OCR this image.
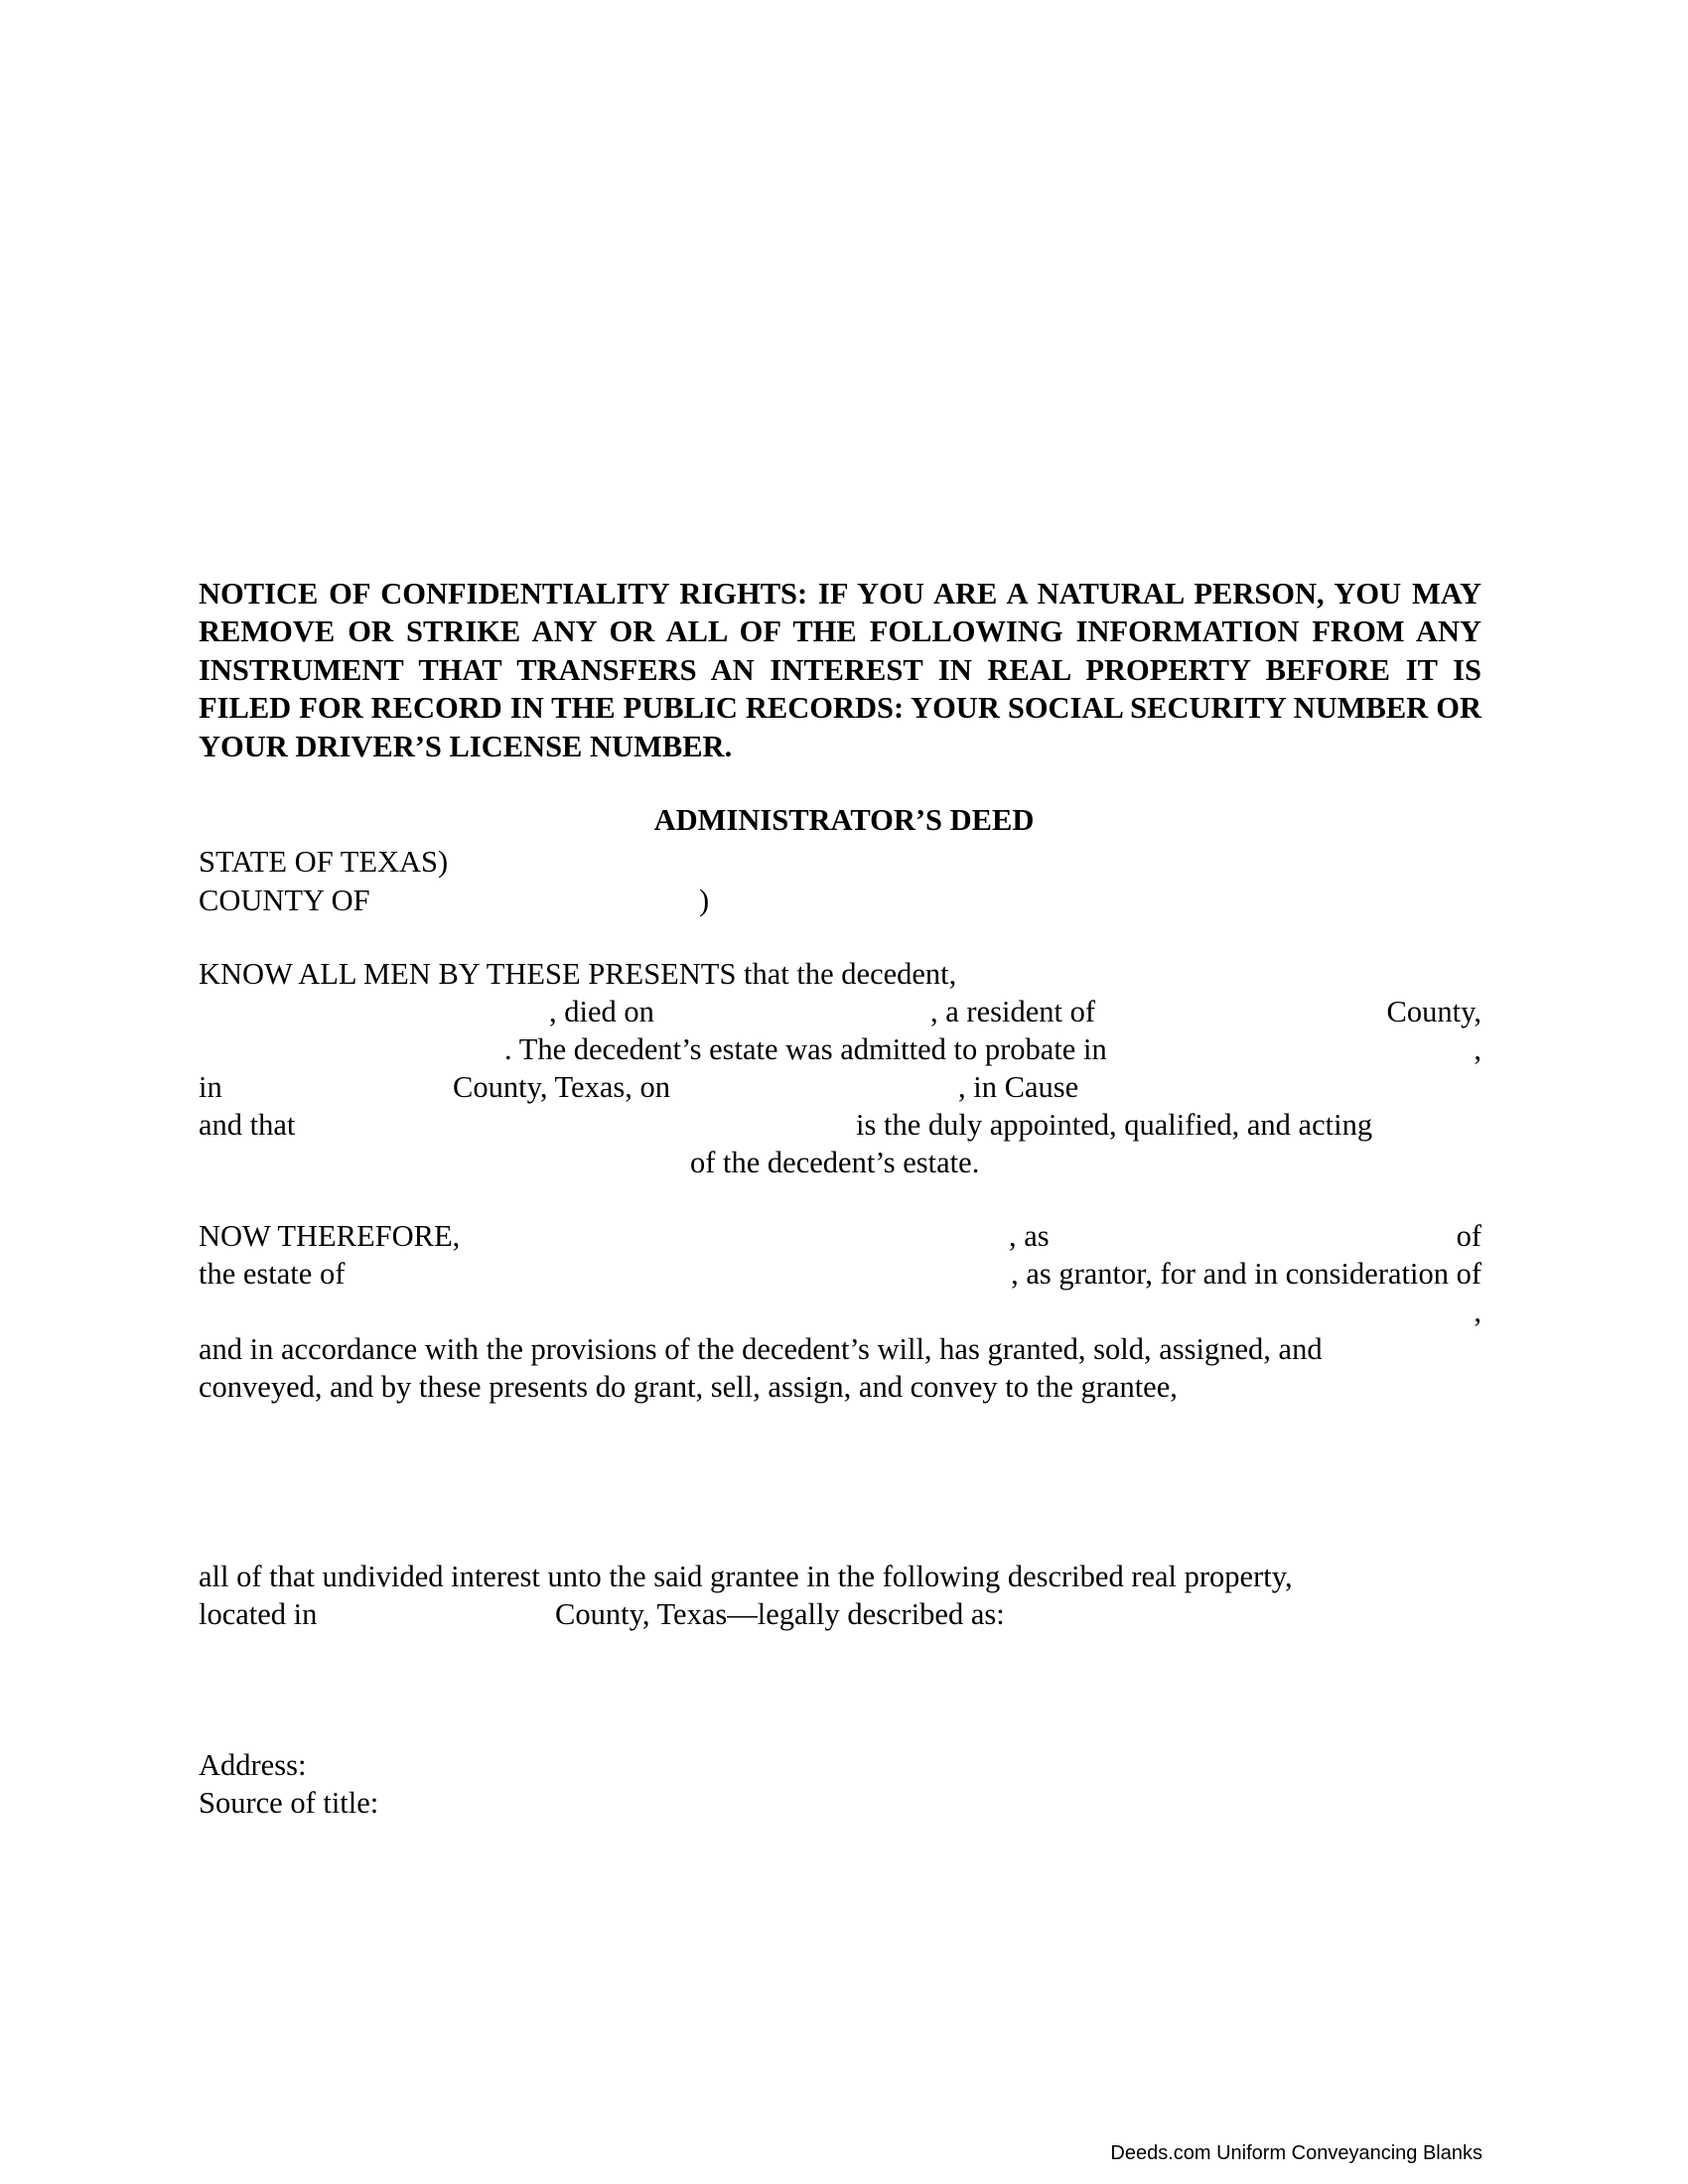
NOTICE OF CONFIDENTIALITY RIGHTS: IF YOU ARE A NATURAL PERSON, YOU MAY REMOVE OR STRIKE ANY OR ALL OF THE FOLLOWING INFORMATION FROM ANY INSTRUMENT THAT TRANSFERS AN INTEREST IN REAL PROPERTY BEFORE IT IS FILED FOR RECORD IN THE PUBLIC RECORDS: YOUR SOCIAL SECURITY NUMBER OR YOUR DRIVER’S LICENSE NUMBER.

ADMINISTRATOR’S DEED
STATE OF TEXAS)
COUNTY OF	)
KNOW ALL MEN BY THESE PRESENTS that the decedent,
, died on	, a resident of	County,
. The decedent’s estate was admitted to probate in	,
in	County, Texas, on	, in Cause
and that	is the duly appointed, qualified, and acting
of the decedent’s estate.
NOW THEREFORE,	, as	of
the estate of	, as grantor, for and in consideration of
,
and in accordance with the provisions of the decedent’s will, has granted, sold, assigned, and
conveyed, and by these presents do grant, sell, assign, and convey to the grantee,
all of that undivided interest unto the said grantee in the following described real property,
located in	County, Texas—legally described as:
Address:
Source of title:
Deeds.com Uniform Conveyancing Blanks
